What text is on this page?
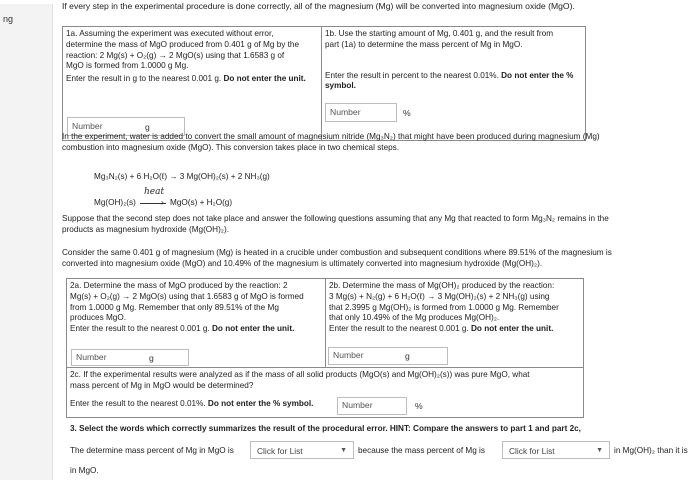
ng
If every step in the experimental procedure is done correctly, all of the magnesium (Mg) will be converted into magnesium oxide (MgO).
1a. Assuming the experiment was executed without error,
determine the mass of MgO produced from 0.401 g of Mg by the
reaction: 2 Mg(s) + O₂(g) → 2 MgO(s) using that 1.6583 g of
MgO is formed from 1.0000 g Mg.
Enter the result in g to the nearest 0.001 g. Do not enter the unit.
Number	g
1b. Use the starting amount of Mg, 0.401 g, and the result from
part (1a) to determine the mass percent of Mg in MgO.
Enter the result in percent to the nearest 0.01%. Do not enter the % symbol.
Number	%
In the experiment, water is added to convert the small amount of magnesium nitride (Mg₃N₂) that might have been produced during magnesium (Mg)
combustion into magnesium oxide (MgO). This conversion takes place in two chemical steps.
Mg₃N₂(s) + 6 H₂O(ℓ) → 3 Mg(OH)₂(s) + 2 NH₃(g)
Mg(OH)₂(s)
heat
› MgO(s) + H₂O(g)
Suppose that the second step does not take place and answer the following questions assuming that any Mg that reacted to form Mg₃N₂ remains in the
products as magnesium hydroxide (Mg(OH)₂).
Consider the same 0.401 g of magnesium (Mg) is heated in a crucible under combustion and subsequent conditions where 89.51% of the magnesium is
converted into magnesium oxide (MgO) and 10.49% of the magnesium is ultimately converted into magnesium hydroxide (Mg(OH)₂).
2a. Determine the mass of MgO produced by the reaction: 2
Mg(s) + O₂(g) → 2 MgO(s) using that 1.6583 g of MgO is formed
from 1.0000 g Mg. Remember that only 89.51% of the Mg
produces MgO.
Enter the result to the nearest 0.001 g. Do not enter the unit.
Number	g
2b. Determine the mass of Mg(OH)₂ produced by the reaction:
3 Mg(s) + N₂(g) + 6 H₂O(ℓ) → 3 Mg(OH)₂(s) + 2 NH₃(g) using
that 2.3995 g Mg(OH)₂ is formed from 1.0000 g Mg. Remember
that only 10.49% of the Mg produces Mg(OH)₂.
Enter the result to the nearest 0.001 g. Do not enter the unit.
Number	g
2c. If the experimental results were analyzed as if the mass of all solid products (MgO(s) and Mg(OH)₂(s)) was pure MgO, what
mass percent of Mg in MgO would be determined?
Enter the result to the nearest 0.01%. Do not enter the % symbol.	Number	%
3. Select the words which correctly summarizes the result of the procedural error. HINT: Compare the answers to part 1 and part 2c,
The determine mass percent of Mg in MgO is	Click for List	▼ because the mass percent of Mg is	Click for List	▼ in Mg(OH)₂ than it is
in MgO.
